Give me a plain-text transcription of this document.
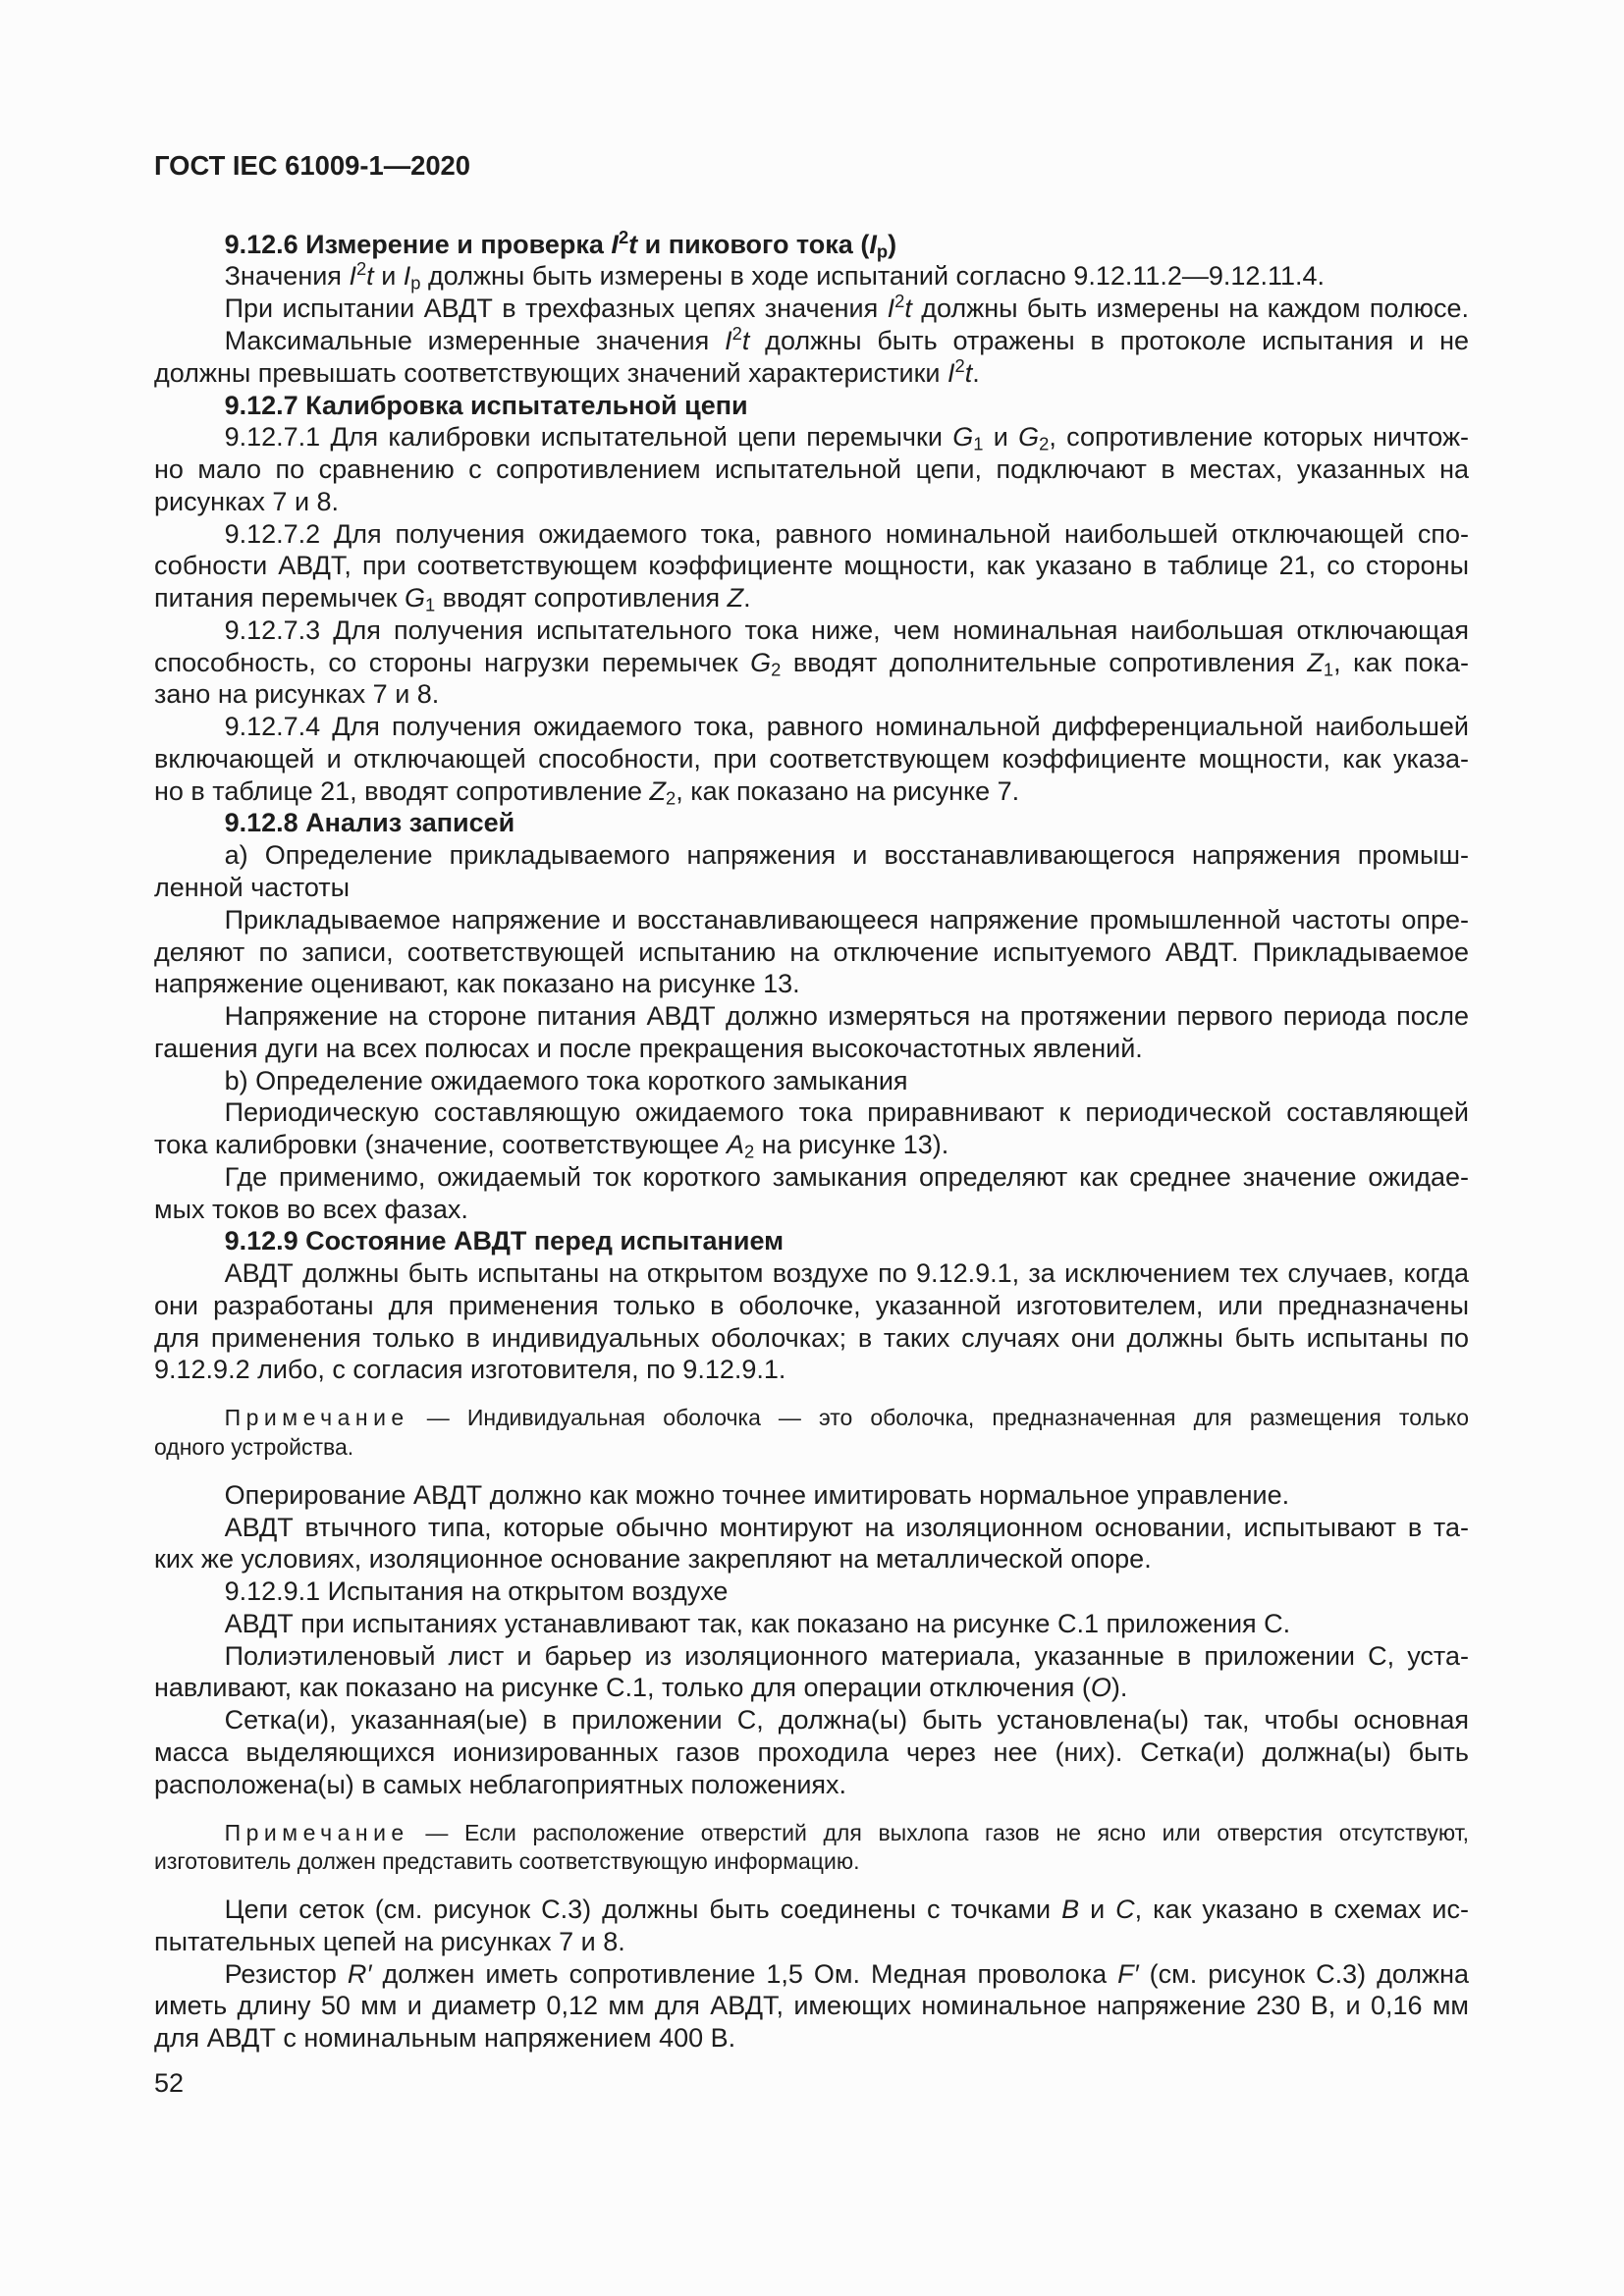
ГОСТ IEC 61009-1—2020
9.12.6 Измерение и проверка $I^2t$ и пикового тока $(I_p)$
Значения $I^2t$ и $I_p$ должны быть измерены в ходе испытаний согласно 9.12.11.2—9.12.11.4.
При испытании АВДТ в трехфазных цепях значения $I^2t$ должны быть измерены на каждом полюсе.
Максимальные измеренные значения $I^2t$ должны быть отражены в протоколе испытания и не
должны превышать соответствующих значений характеристики $I^2t$.
9.12.7 Калибровка испытательной цепи
9.12.7.1 Для калибровки испытательной цепи перемычки $G_1$ и $G_2$, сопротивление которых ничтож-
но мало по сравнению с сопротивлением испытательной цепи, подключают в местах, указанных на
рисунках 7 и 8.
9.12.7.2 Для получения ожидаемого тока, равного номинальной наибольшей отключающей спо-
собности АВДТ, при соответствующем коэффициенте мощности, как указано в таблице 21, со стороны
питания перемычек $G_1$ вводят сопротивления Z.
9.12.7.3 Для получения испытательного тока ниже, чем номинальная наибольшая отключающая
способность, со стороны нагрузки перемычек $G_2$ вводят дополнительные сопротивления $Z_1$, как пока-
зано на рисунках 7 и 8.
9.12.7.4 Для получения ожидаемого тока, равного номинальной дифференциальной наибольшей
включающей и отключающей способности, при соответствующем коэффициенте мощности, как указа-
но в таблице 21, вводят сопротивление $Z_2$, как показано на рисунке 7.
9.12.8 Анализ записей
а) Определение прикладываемого напряжения и восстанавливающегося напряжения промыш-
ленной частоты
Прикладываемое напряжение и восстанавливающееся напряжение промышленной частоты опре-
деляют по записи, соответствующей испытанию на отключение испытуемого АВДТ. Прикладываемое
напряжение оценивают, как показано на рисунке 13.
Напряжение на стороне питания АВДТ должно измеряться на протяжении первого периода после
гашения дуги на всех полюсах и после прекращения высокочастотных явлений.
b) Определение ожидаемого тока короткого замыкания
Периодическую составляющую ожидаемого тока приравнивают к периодической составляющей
тока калибровки (значение, соответствующее $A_2$ на рисунке 13).
Где применимо, ожидаемый ток короткого замыкания определяют как среднее значение ожидае-
мых токов во всех фазах.
9.12.9 Состояние АВДТ перед испытанием
АВДТ должны быть испытаны на открытом воздухе по 9.12.9.1, за исключением тех случаев, когда
они разработаны для применения только в оболочке, указанной изготовителем, или предназначены
для применения только в индивидуальных оболочках; в таких случаях они должны быть испытаны по
9.12.9.2 либо, с согласия изготовителя, по 9.12.9.1.
Примечание — Индивидуальная оболочка — это оболочка, предназначенная для размещения только
одного устройства.
Оперирование АВДТ должно как можно точнее имитировать нормальное управление.
АВДТ втычного типа, которые обычно монтируют на изоляционном основании, испытывают в та-
ких же условиях, изоляционное основание закрепляют на металлической опоре.
9.12.9.1 Испытания на открытом воздухе
АВДТ при испытаниях устанавливают так, как показано на рисунке С.1 приложения С.
Полиэтиленовый лист и барьер из изоляционного материала, указанные в приложении С, уста-
навливают, как показано на рисунке С.1, только для операции отключения (O).
Сетка(и), указанная(ые) в приложении С, должна(ы) быть установлена(ы) так, чтобы основная
масса выделяющихся ионизированных газов проходила через нее (них). Сетка(и) должна(ы) быть
расположена(ы) в самых неблагоприятных положениях.
Примечание — Если расположение отверстий для выхлопа газов не ясно или отверстия отсутствуют,
изготовитель должен представить соответствующую информацию.
Цепи сеток (см. рисунок С.3) должны быть соединены с точками B и C, как указано в схемах ис-
пытательных цепей на рисунках 7 и 8.
Резистор R′ должен иметь сопротивление 1,5 Ом. Медная проволока F′ (см. рисунок С.3) должна
иметь длину 50 мм и диаметр 0,12 мм для АВДТ, имеющих номинальное напряжение 230 В, и 0,16 мм
для АВДТ с номинальным напряжением 400 В.
52
